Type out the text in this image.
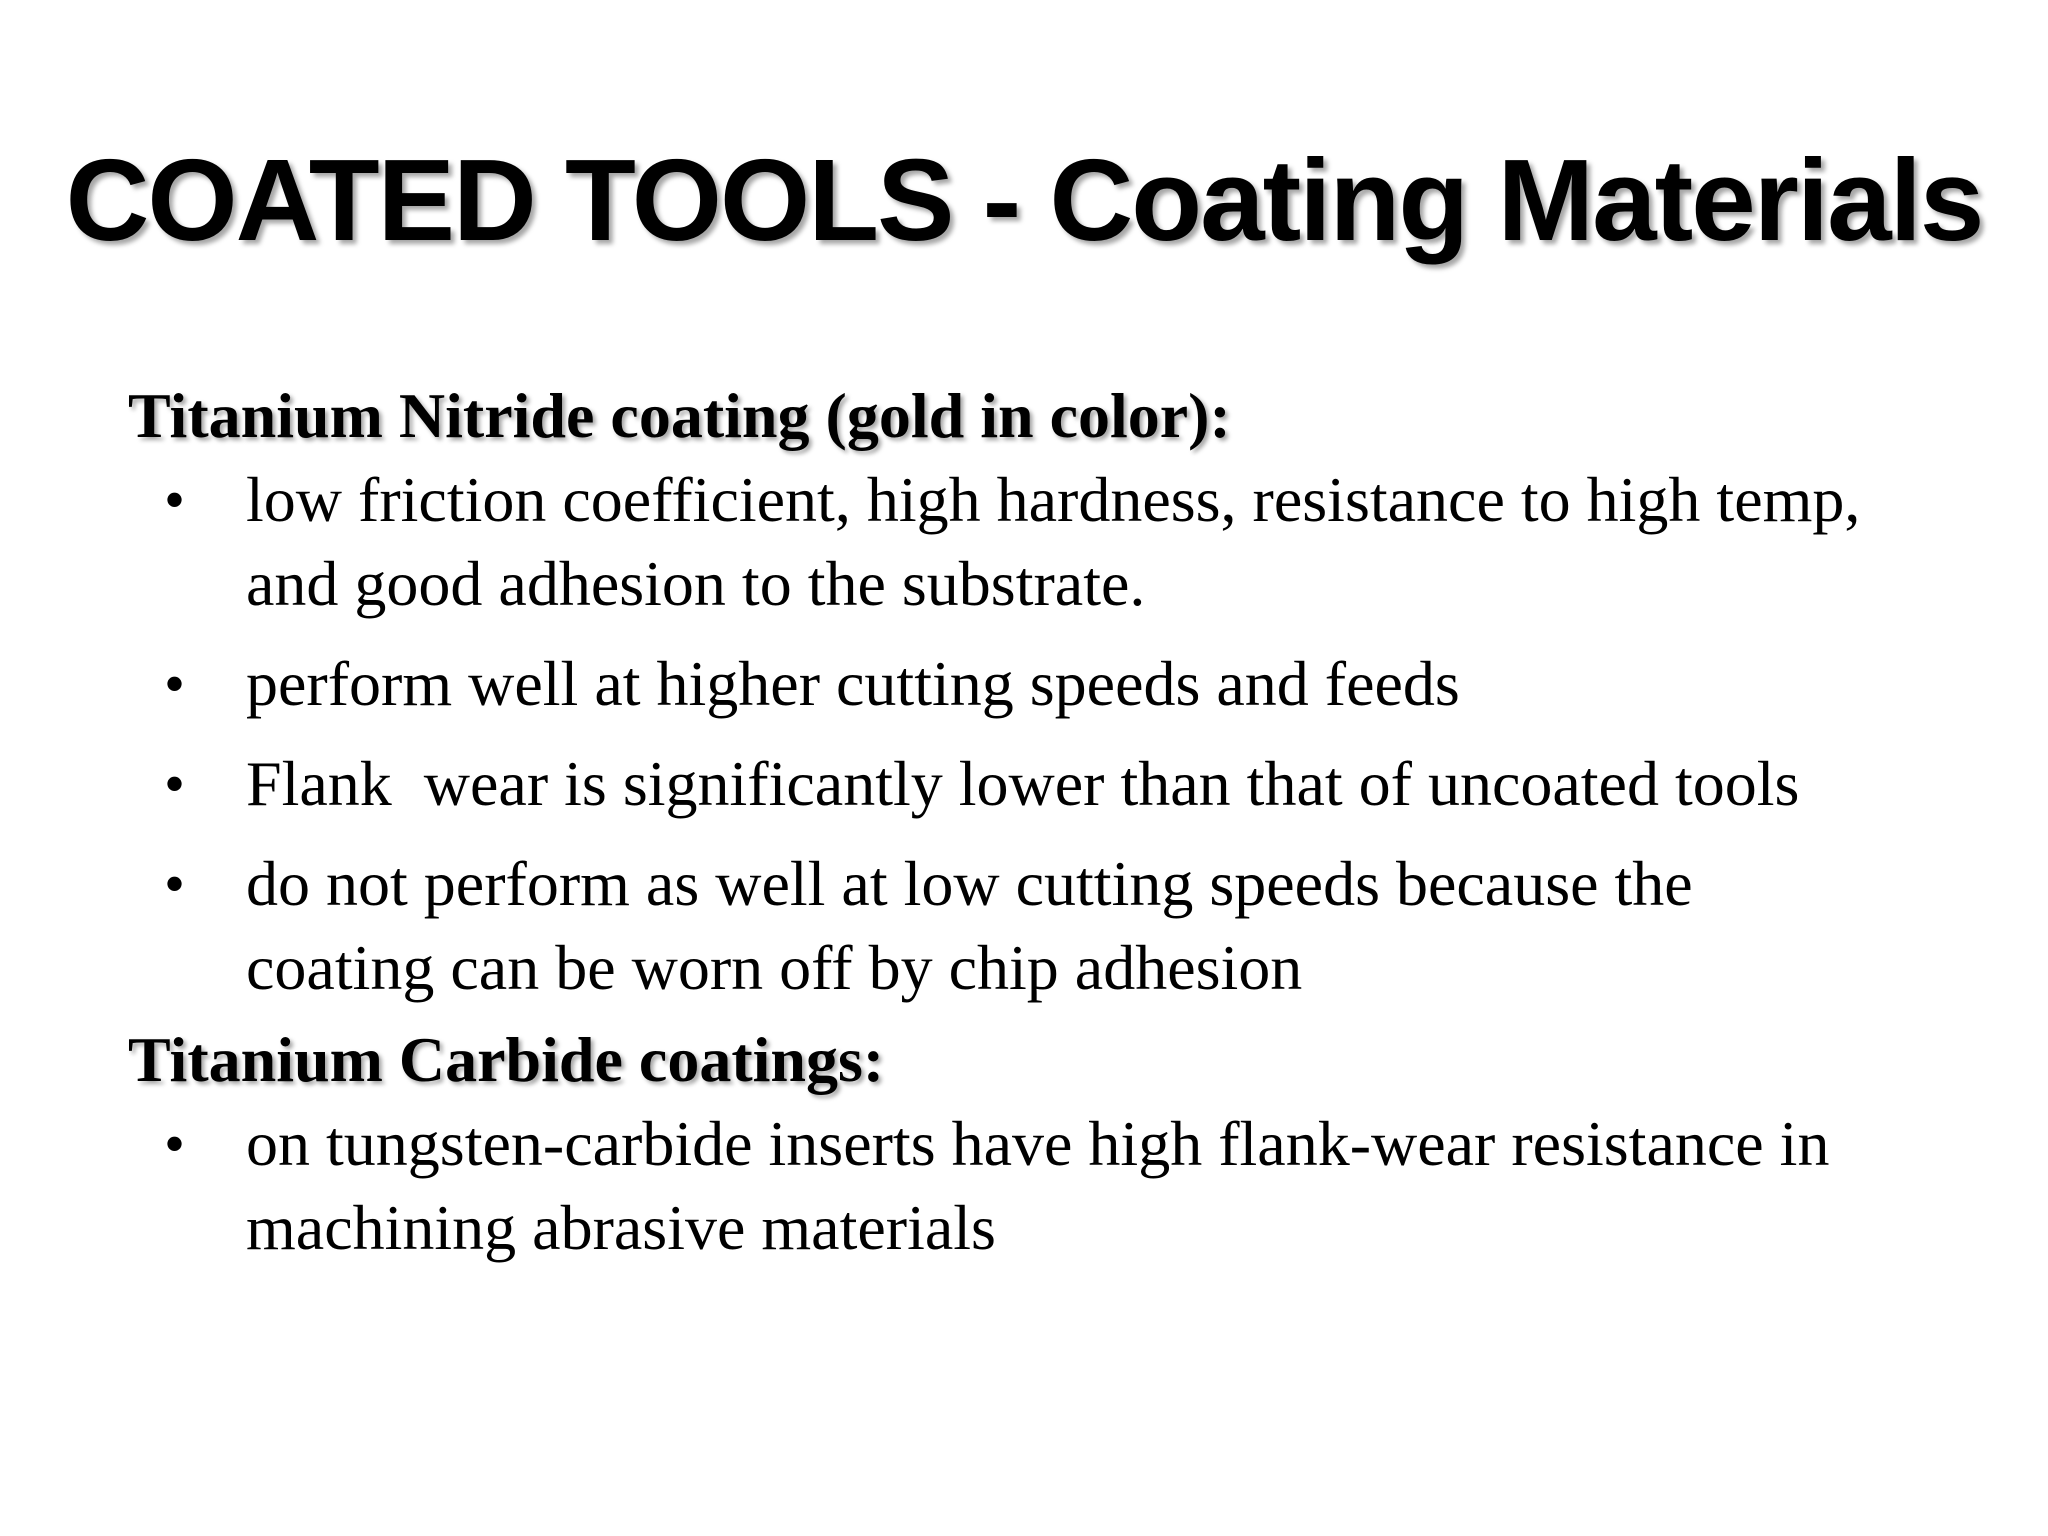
COATED TOOLS - Coating Materials
Titanium Nitride coating (gold in color):
• low friction coefficient, high hardness, resistance to high temp, and good adhesion to the substrate.
• perform well at higher cutting speeds and feeds
• Flank  wear is significantly lower than that of uncoated tools
• do not perform as well at low cutting speeds because the coating can be worn off by chip adhesion
Titanium Carbide coatings:
• on tungsten-carbide inserts have high flank-wear resistance in machining abrasive materials
